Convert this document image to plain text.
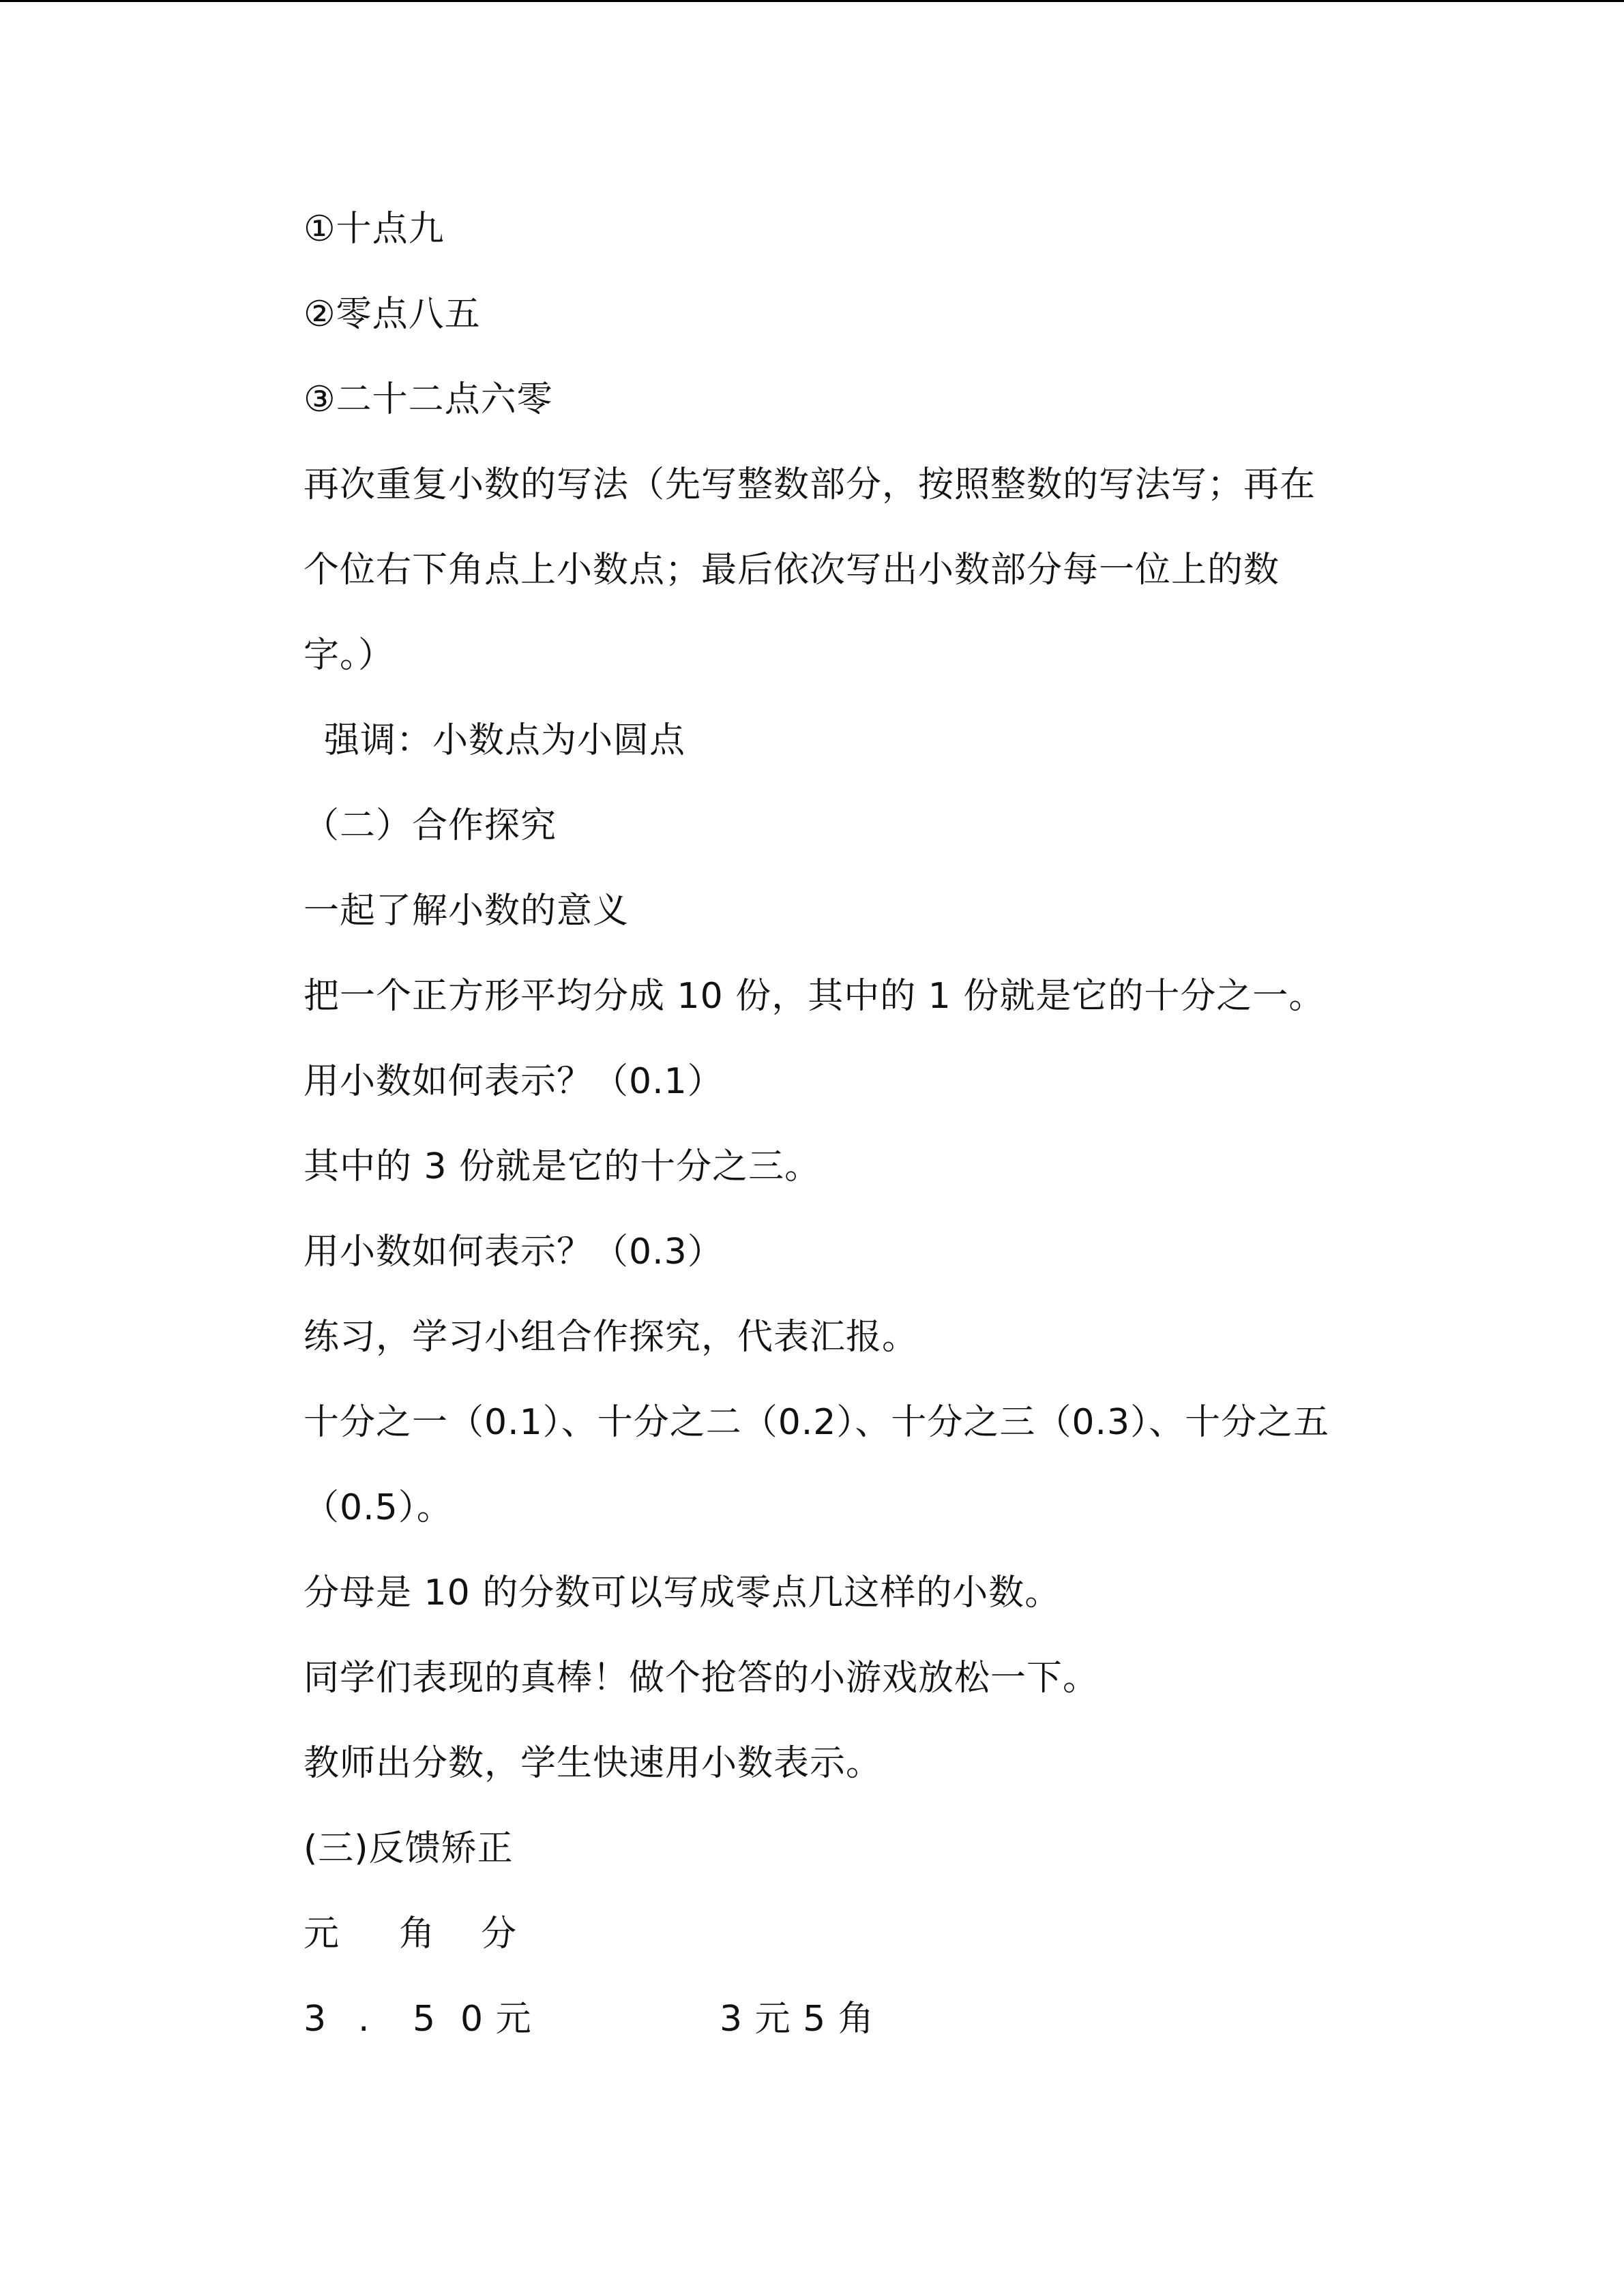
①十点九
②零点八五
③二十二点六零
再次重复小数的写法（先写整数部分，按照整数的写法写；再在
个位右下角点上小数点；最后依次写出小数部分每一位上的数
字。）
强调：小数点为小圆点
（二）合作探究
一起了解小数的意义
把一个正方形平均分成 10 份，其中的 1 份就是它的十分之一。
用小数如何表示？（0.1）
其中的 3 份就是它的十分之三。
用小数如何表示？（0.3）
练习，学习小组合作探究，代表汇报。
十分之一（0.1）、十分之二（0.2）、十分之三（0.3）、十分之五
（0.5）。
分母是 10 的分数可以写成零点几这样的小数。
同学们表现的真棒！做个抢答的小游戏放松一下。
教师出分数，学生快速用小数表示。
(三)反馈矫正
元 角 分
3 . 5 0 元	3 元 5 角
